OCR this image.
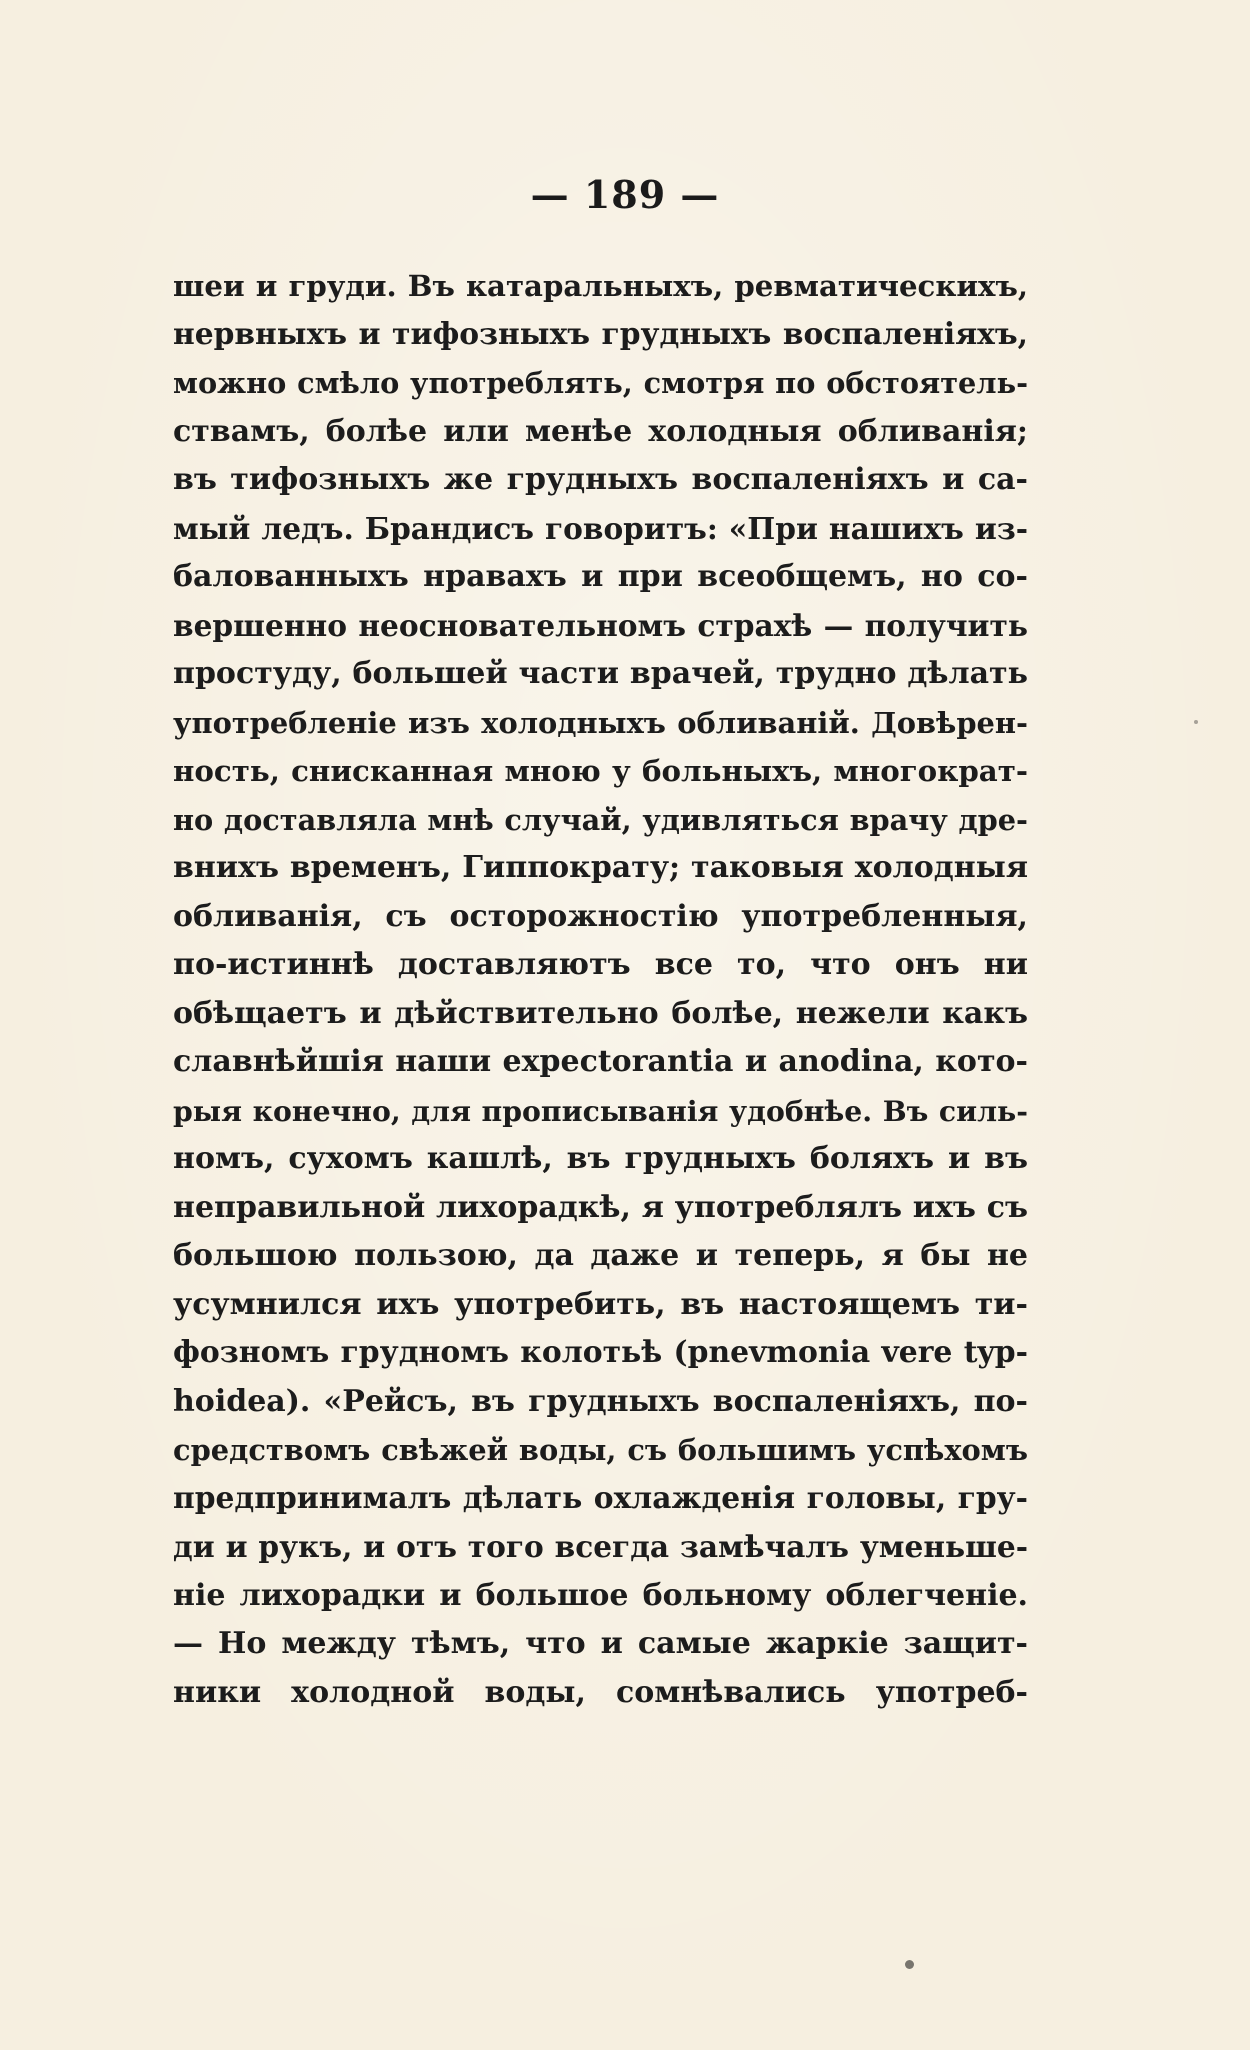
— 189 —
шеи и груди. Въ катаральныхъ, ревматическихъ,
нервныхъ и тифозныхъ грудныхъ воспаленіяхъ,
можно смѣло употреблять, смотря по обстоятель-
ствамъ, болѣе или менѣе холодныя обливанія;
въ тифозныхъ же грудныхъ воспаленіяхъ и са-
мый ледъ. Брандисъ говоритъ: «При нашихъ из-
балованныхъ нравахъ и при всеобщемъ, но со-
вершенно неосновательномъ страхѣ — получить
простуду, большей части врачей, трудно дѣлать
употребленіе изъ холодныхъ обливаній. Довѣрен-
ность, снисканная мною у больныхъ, многократ-
но доставляла мнѣ случай, удивляться врачу дре-
внихъ временъ, Гиппократу; таковыя холодныя
обливанія, съ осторожностію употребленныя,
по-истиннѣ доставляютъ все то, что онъ ни
обѣщаетъ и дѣйствительно болѣе, нежели какъ
славнѣйшія наши expectorantia и anodina, кото-
рыя конечно, для прописыванія удобнѣе. Въ силь-
номъ, сухомъ кашлѣ, въ грудныхъ боляхъ и въ
неправильной лихорадкѣ, я употреблялъ ихъ съ
большою пользою, да даже и теперь, я бы не
усумнился ихъ употребить, въ настоящемъ ти-
фозномъ грудномъ колотьѣ (pnevmonia vere typ-
hoidea). «Рейсъ, въ грудныхъ воспаленіяхъ, по-
средствомъ свѣжей воды, съ большимъ успѣхомъ
предпринималъ дѣлать охлажденія головы, гру-
ди и рукъ, и отъ того всегда замѣчалъ уменьше-
ніе лихорадки и большое больному облегченіе.
— Но между тѣмъ, что и самые жаркіе защит-
ники холодной воды, сомнѣвались употреб-
